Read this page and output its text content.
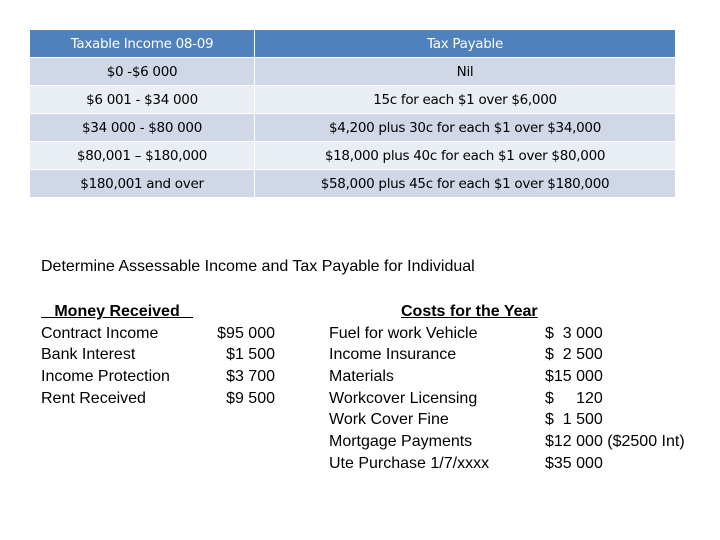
Taxable Income 08-09	Tax Payable
$0 -$6 000	Nil
$6 001 - $34 000	15c for each $1 over $6,000
$34 000 - $80 000	$4,200 plus 30c for each $1 over $34,000
$80,001 – $180,000	$18,000 plus 40c for each $1 over $80,000
$180,001 and over	$58,000 plus 45c for each $1 over $180,000
Determine Assessable Income and Tax Payable for Individual
Money Received
Contract Income	$95 000
Bank Interest	$1 500
Income Protection	$3 700
Rent Received	$9 500
Costs for the Year
Fuel for work Vehicle	$  3 000
Income Insurance	$  2 500
Materials	$15 000
Workcover Licensing	$     120
Work Cover Fine	$  1 500
Mortgage Payments	$12 000 ($2500 Int)
Ute Purchase 1/7/xxxx	$35 000
